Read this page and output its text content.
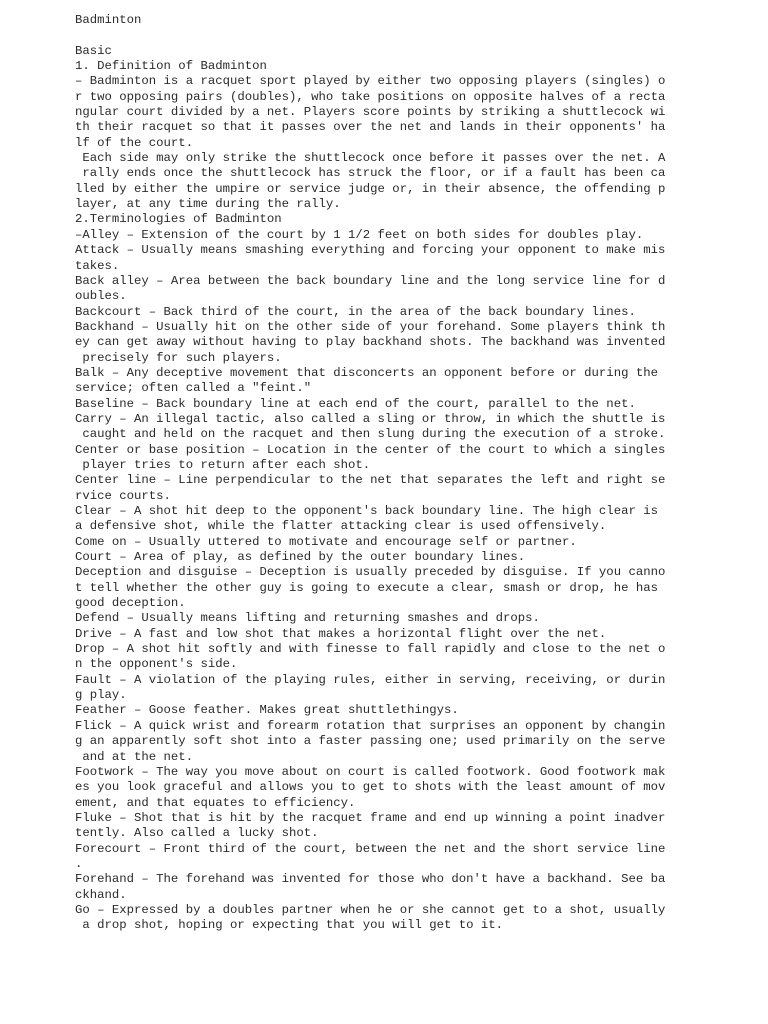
Badminton
Basic
1. Definition of Badminton
– Badminton is a racquet sport played by either two opposing players (singles) o
r two opposing pairs (doubles), who take positions on opposite halves of a recta
ngular court divided by a net. Players score points by striking a shuttlecock wi
th their racquet so that it passes over the net and lands in their opponents' ha
lf of the court.
Each side may only strike the shuttlecock once before it passes over the net. A
rally ends once the shuttlecock has struck the floor, or if a fault has been ca
lled by either the umpire or service judge or, in their absence, the offending p
layer, at any time during the rally.
2.Terminologies of Badminton
–Alley – Extension of the court by 1 1/2 feet on both sides for doubles play.
Attack – Usually means smashing everything and forcing your opponent to make mis
takes.
Back alley – Area between the back boundary line and the long service line for d
oubles.
Backcourt – Back third of the court, in the area of the back boundary lines.
Backhand – Usually hit on the other side of your forehand. Some players think th
ey can get away without having to play backhand shots. The backhand was invented
precisely for such players.
Balk – Any deceptive movement that disconcerts an opponent before or during the
service; often called a "feint."
Baseline – Back boundary line at each end of the court, parallel to the net.
Carry – An illegal tactic, also called a sling or throw, in which the shuttle is
caught and held on the racquet and then slung during the execution of a stroke.
Center or base position – Location in the center of the court to which a singles
player tries to return after each shot.
Center line – Line perpendicular to the net that separates the left and right se
rvice courts.
Clear – A shot hit deep to the opponent's back boundary line. The high clear is
a defensive shot, while the flatter attacking clear is used offensively.
Come on – Usually uttered to motivate and encourage self or partner.
Court – Area of play, as defined by the outer boundary lines.
Deception and disguise – Deception is usually preceded by disguise. If you canno
t tell whether the other guy is going to execute a clear, smash or drop, he has
good deception.
Defend – Usually means lifting and returning smashes and drops.
Drive – A fast and low shot that makes a horizontal flight over the net.
Drop – A shot hit softly and with finesse to fall rapidly and close to the net o
n the opponent's side.
Fault – A violation of the playing rules, either in serving, receiving, or durin
g play.
Feather – Goose feather. Makes great shuttlethingys.
Flick – A quick wrist and forearm rotation that surprises an opponent by changin
g an apparently soft shot into a faster passing one; used primarily on the serve
and at the net.
Footwork – The way you move about on court is called footwork. Good footwork mak
es you look graceful and allows you to get to shots with the least amount of mov
ement, and that equates to efficiency.
Fluke – Shot that is hit by the racquet frame and end up winning a point inadver
tently. Also called a lucky shot.
Forecourt – Front third of the court, between the net and the short service line
.
Forehand – The forehand was invented for those who don't have a backhand. See ba
ckhand.
Go – Expressed by a doubles partner when he or she cannot get to a shot, usually
a drop shot, hoping or expecting that you will get to it.
